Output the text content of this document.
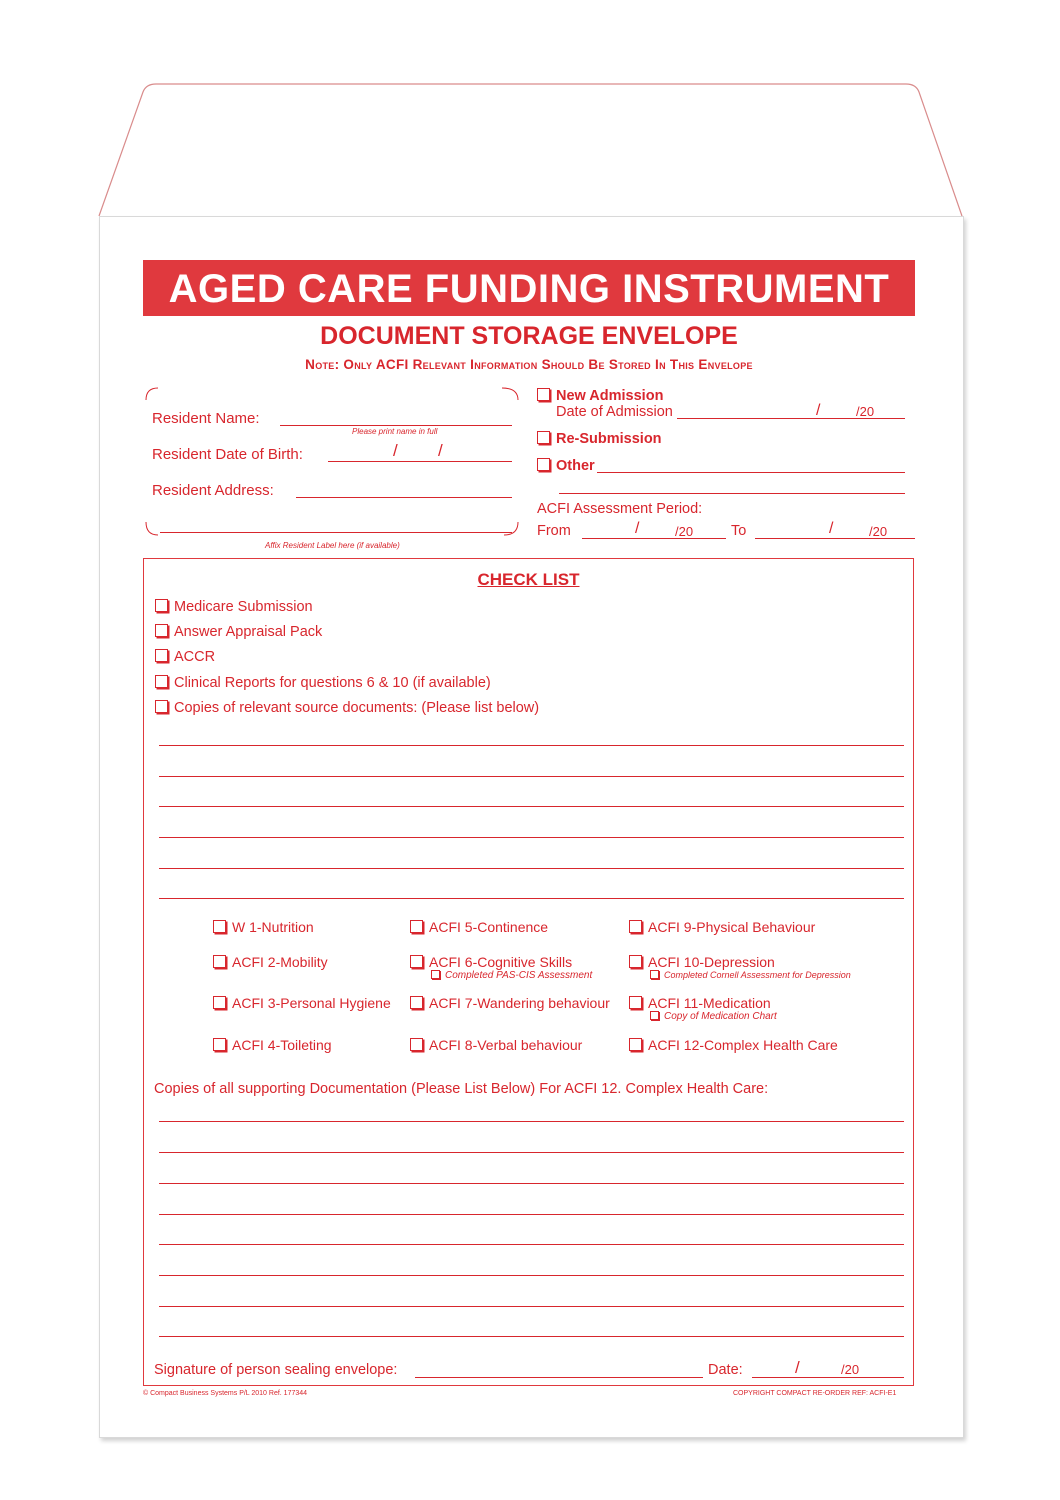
AGED CARE FUNDING INSTRUMENT
DOCUMENT STORAGE ENVELOPE
Note: Only ACFI Relevant Information Should Be Stored In This Envelope
Resident Name:
Please print name in full
Resident Date of Birth:	/ /
Resident Address:
Affix Resident Label here (if available)
New Admission
Date of Admission	/	/20
Re-Submission
Other
ACFI Assessment Period:
From	/	/20	To	/	/20
CHECK LIST
Medicare Submission
Answer Appraisal Pack
ACCR
Clinical Reports for questions 6 & 10 (if available)
Copies of relevant source documents: (Please list below)
W 1-Nutrition
ACFI 2-Mobility
ACFI 3-Personal Hygiene
ACFI 4-Toileting
ACFI 5-Continence
ACFI 6-Cognitive Skills
Completed PAS-CIS Assessment
ACFI 7-Wandering behaviour
ACFI 8-Verbal behaviour
ACFI 9-Physical Behaviour
ACFI 10-Depression
Completed Cornell Assessment for Depression
ACFI 11-Medication
Copy of Medication Chart
ACFI 12-Complex Health Care
Copies of all supporting Documentation (Please List Below) For ACFI 12. Complex Health Care:
Signature of person sealing envelope:	Date:	/	/20
© Compact Business Systems P/L 2010 Ref. 177344	COPYRIGHT COMPACT RE-ORDER REF: ACFI-E1
